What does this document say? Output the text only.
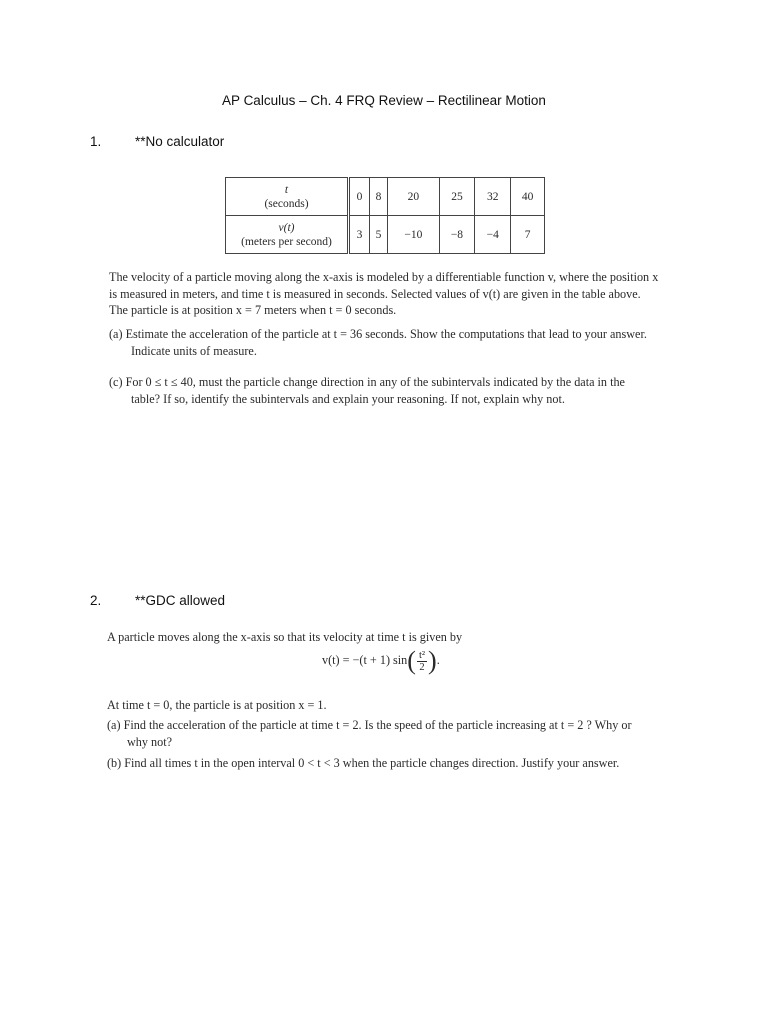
AP Calculus – Ch. 4 FRQ Review – Rectilinear Motion
1. **No calculator
t
(seconds)	0	8	20	25	32	40

v(t)
(meters per second)	3	5	−10	−8	−4	7

The velocity of a particle moving along the x-axis is modeled by a differentiable function v, where the position x

is measured in meters, and time t is measured in seconds. Selected values of v(t) are given in the table above.

The particle is at position x = 7 meters when t = 0 seconds.

(a) Estimate the acceleration of the particle at t = 36 seconds. Show the computations that lead to your answer.

Indicate units of measure.

(c) For 0 ≤ t ≤ 40, must the particle change direction in any of the subintervals indicated by the data in the

table? If so, identify the subintervals and explain your reasoning. If not, explain why not.

2. **GDC allowed
A particle moves along the x-axis so that its velocity at time t is given by
v(t) = −(t + 1) $\sin( \frac{\text{t²}}{2}$ ).
At time t = 0, the particle is at position x = 1.

(a) Find the acceleration of the particle at time t = 2. Is the speed of the particle increasing at t = 2 ? Why or

why not?

(b) Find all times t in the open interval 0 < t < 3 when the particle changes direction. Justify your answer.
